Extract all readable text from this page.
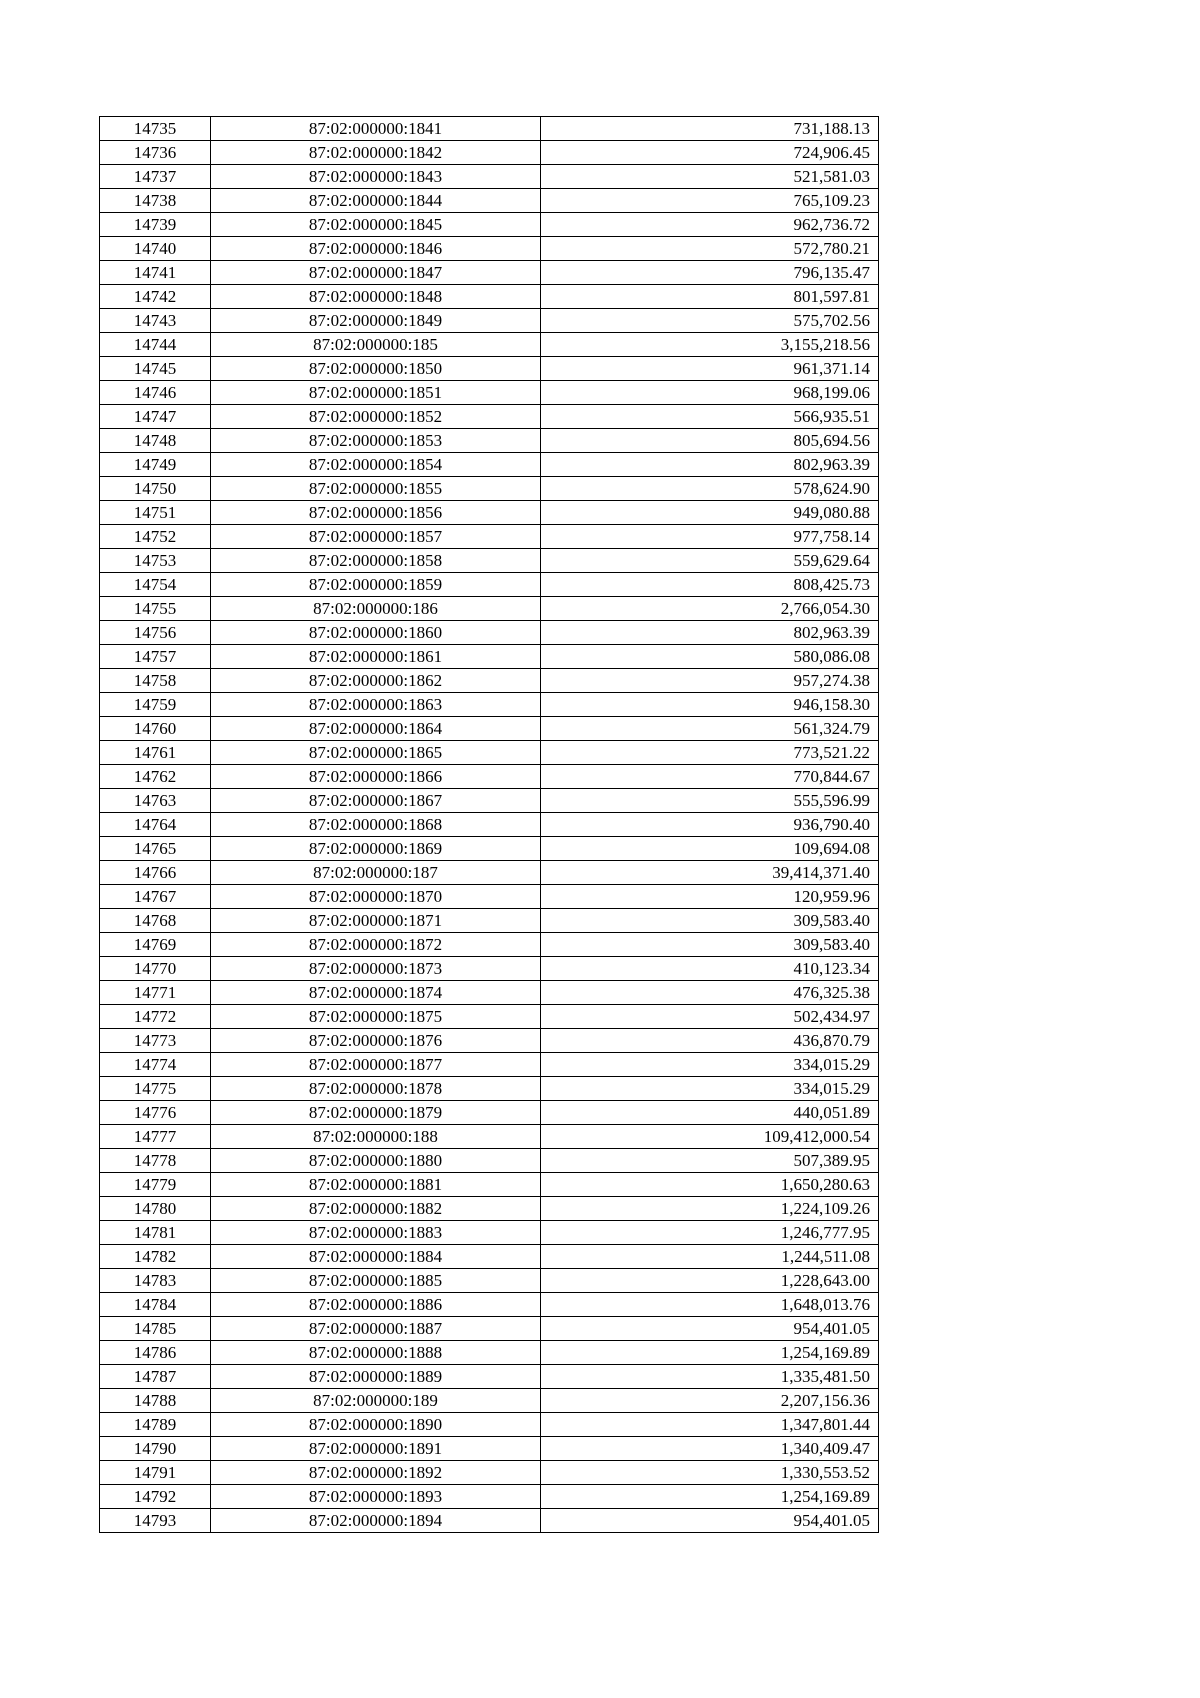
14735	87:02:000000:1841	731,188.13
14736	87:02:000000:1842	724,906.45
14737	87:02:000000:1843	521,581.03
14738	87:02:000000:1844	765,109.23
14739	87:02:000000:1845	962,736.72
14740	87:02:000000:1846	572,780.21
14741	87:02:000000:1847	796,135.47
14742	87:02:000000:1848	801,597.81
14743	87:02:000000:1849	575,702.56
14744	87:02:000000:185	3,155,218.56
14745	87:02:000000:1850	961,371.14
14746	87:02:000000:1851	968,199.06
14747	87:02:000000:1852	566,935.51
14748	87:02:000000:1853	805,694.56
14749	87:02:000000:1854	802,963.39
14750	87:02:000000:1855	578,624.90
14751	87:02:000000:1856	949,080.88
14752	87:02:000000:1857	977,758.14
14753	87:02:000000:1858	559,629.64
14754	87:02:000000:1859	808,425.73
14755	87:02:000000:186	2,766,054.30
14756	87:02:000000:1860	802,963.39
14757	87:02:000000:1861	580,086.08
14758	87:02:000000:1862	957,274.38
14759	87:02:000000:1863	946,158.30
14760	87:02:000000:1864	561,324.79
14761	87:02:000000:1865	773,521.22
14762	87:02:000000:1866	770,844.67
14763	87:02:000000:1867	555,596.99
14764	87:02:000000:1868	936,790.40
14765	87:02:000000:1869	109,694.08
14766	87:02:000000:187	39,414,371.40
14767	87:02:000000:1870	120,959.96
14768	87:02:000000:1871	309,583.40
14769	87:02:000000:1872	309,583.40
14770	87:02:000000:1873	410,123.34
14771	87:02:000000:1874	476,325.38
14772	87:02:000000:1875	502,434.97
14773	87:02:000000:1876	436,870.79
14774	87:02:000000:1877	334,015.29
14775	87:02:000000:1878	334,015.29
14776	87:02:000000:1879	440,051.89
14777	87:02:000000:188	109,412,000.54
14778	87:02:000000:1880	507,389.95
14779	87:02:000000:1881	1,650,280.63
14780	87:02:000000:1882	1,224,109.26
14781	87:02:000000:1883	1,246,777.95
14782	87:02:000000:1884	1,244,511.08
14783	87:02:000000:1885	1,228,643.00
14784	87:02:000000:1886	1,648,013.76
14785	87:02:000000:1887	954,401.05
14786	87:02:000000:1888	1,254,169.89
14787	87:02:000000:1889	1,335,481.50
14788	87:02:000000:189	2,207,156.36
14789	87:02:000000:1890	1,347,801.44
14790	87:02:000000:1891	1,340,409.47
14791	87:02:000000:1892	1,330,553.52
14792	87:02:000000:1893	1,254,169.89
14793	87:02:000000:1894	954,401.05
